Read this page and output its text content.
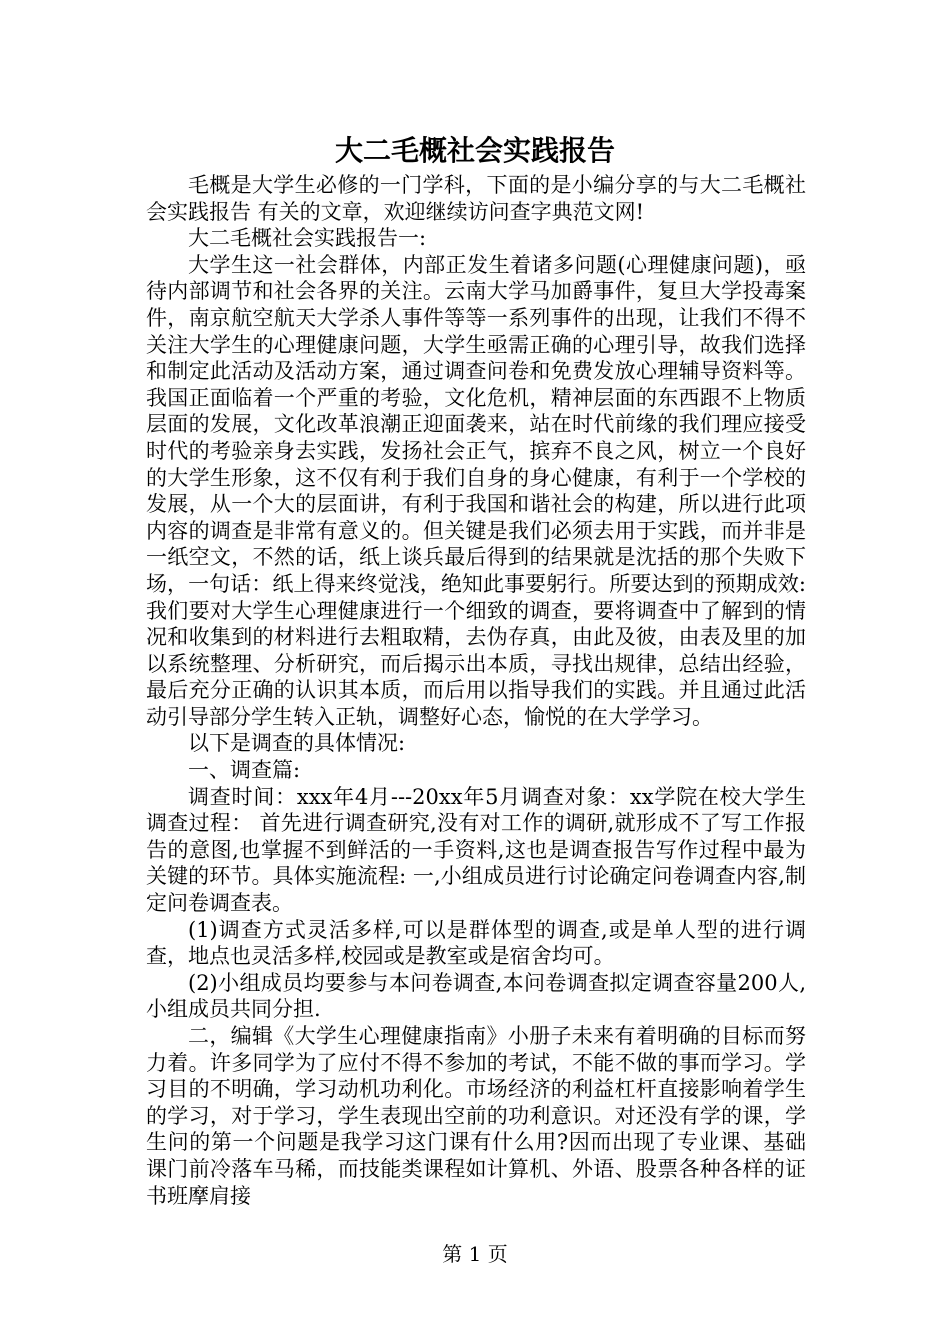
大二毛概社会实践报告

毛概是大学生必修的一门学科，下面的是小编分享的与大二毛概社会实践报告 有关的文章，欢迎继续访问查字典范文网!

大二毛概社会实践报告一:

大学生这一社会群体，内部正发生着诸多问题(心理健康问题)，亟待内部调节和社会各界的关注。云南大学马加爵事件，复旦大学投毒案件，南京航空航天大学杀人事件等等一系列事件的出现，让我们不得不关注大学生的心理健康问题，大学生亟需正确的心理引导，故我们选择和制定此活动及活动方案，通过调查问卷和免费发放心理辅导资料等。 我国正面临着一个严重的考验，文化危机，精神层面的东西跟不上物质层面的发展，文化改革浪潮正迎面袭来，站在时代前缘的我们理应接受时代的考验亲身去实践，发扬社会正气，摈弃不良之风，树立一个良好的大学生形象，这不仅有利于我们自身的身心健康，有利于一个学校的发展，从一个大的层面讲，有利于我国和谐社会的构建，所以进行此项内容的调查是非常有意义的。但关键是我们必须去用于实践，而并非是一纸空文，不然的话，纸上谈兵最后得到的结果就是沈括的那个失败下场，一句话：纸上得来终觉浅，绝知此事要躬行。所要达到的预期成效:我们要对大学生心理健康进行一个细致的调查，要将调查中了解到的情况和收集到的材料进行去粗取精，去伪存真，由此及彼，由表及里的加以系统整理、分析研究，而后揭示出本质，寻找出规律，总结出经验，最后充分正确的认识其本质，而后用以指导我们的实践。并且通过此活动引导部分学生转入正轨，调整好心态，愉悦的在大学学习。

以下是调查的具体情况:

一、调查篇:

调查时间：xxx年4月---20xx年5月调查对象：xx学院在校大学生调查过程： 首先进行调查研究,没有对工作的调研,就形成不了写工作报告的意图,也掌握不到鲜活的一手资料,这也是调查报告写作过程中最为关键的环节。具体实施流程: 一,小组成员进行讨论确定问卷调查内容,制定问卷调查表。

(1)调查方式灵活多样,可以是群体型的调查,或是单人型的进行调查，地点也灵活多样,校园或是教室或是宿舍均可。

(2)小组成员均要参与本问卷调查,本问卷调查拟定调查容量200人,小组成员共同分担.

二，编辑《大学生心理健康指南》小册子未来有着明确的目标而努力着。许多同学为了应付不得不参加的考试，不能不做的事而学习。学习目的不明确，学习动机功利化。市场经济的利益杠杆直接影响着学生的学习，对于学习，学生表现出空前的功利意识。对还没有学的课，学生问的第一个问题是我学习这门课有什么用?因而出现了专业课、基础课门前冷落车马稀，而技能类课程如计算机、外语、股票各种各样的证书班摩肩接

第 1 页
